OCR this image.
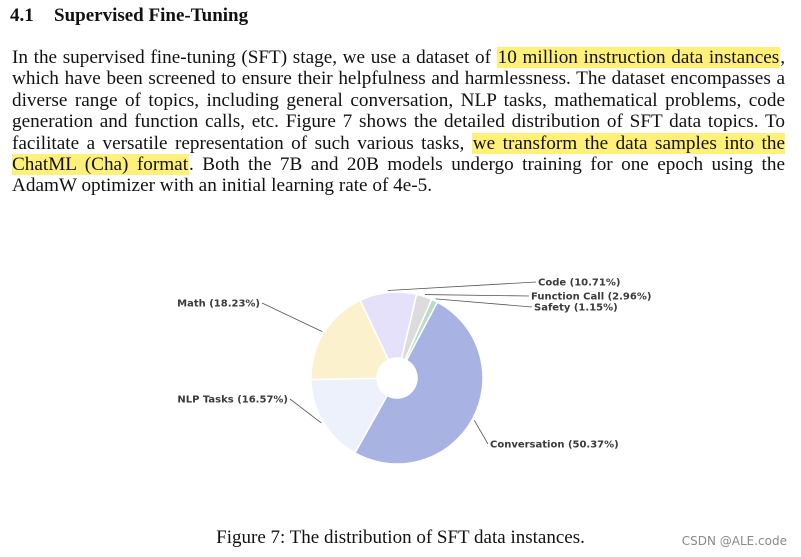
4.1 Supervised Fine-Tuning

In the supervised fine-tuning (SFT) stage, we use a dataset of 10 million instruction data instances, which have been screened to ensure their helpfulness and harmlessness. The dataset encompasses a diverse range of topics, including general conversation, NLP tasks, mathematical problems, code generation and function calls, etc. Figure 7 shows the detailed distribution of SFT data topics. To facilitate a versatile representation of such various tasks, we transform the data samples into the ChatML (Cha) format. Both the 7B and 20B models undergo training for one epoch using the AdamW optimizer with an initial learning rate of 4e-5.

Conversation (50.37%)
NLP Tasks (16.57%)
Math (18.23%)
Code (10.71%)
Function Call (2.96%)
Safety (1.15%)

Figure 7: The distribution of SFT data instances.	CSDN @ALE.code
